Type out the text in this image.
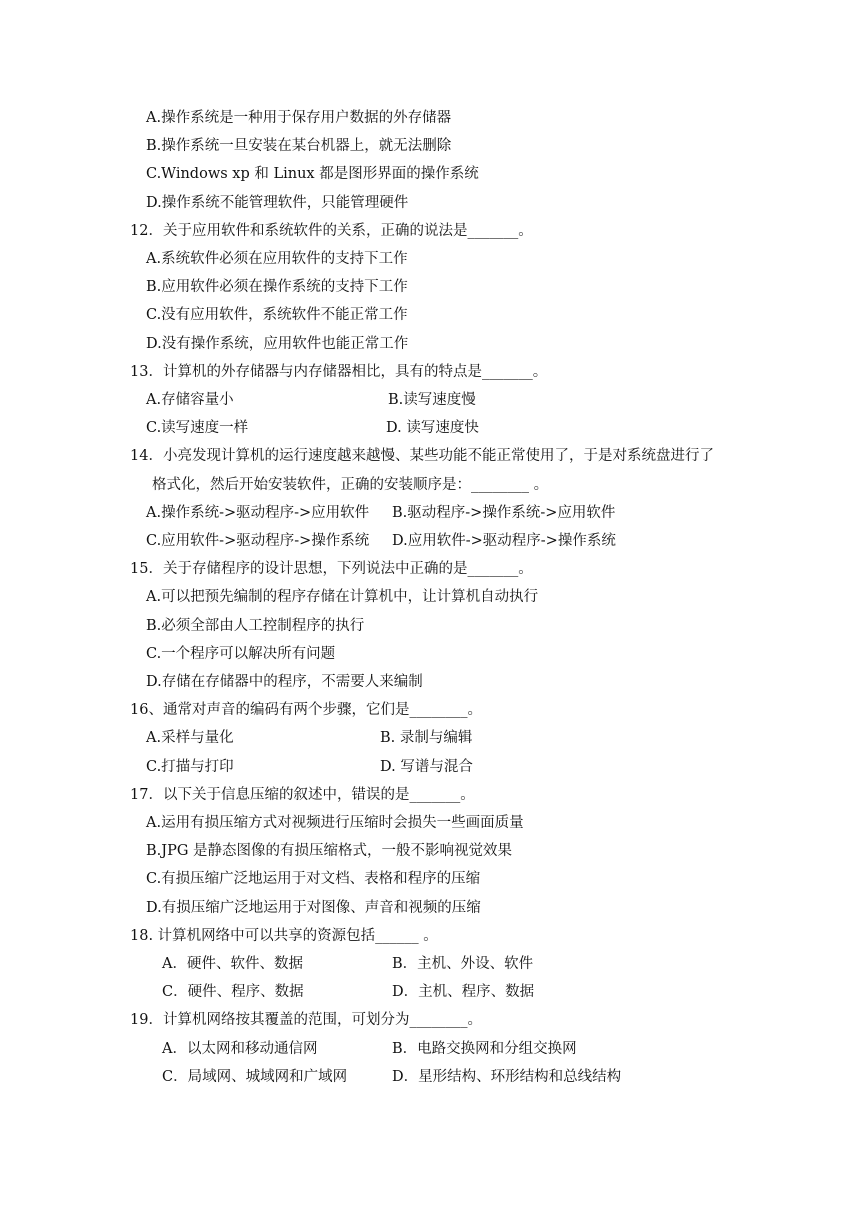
A.操作系统是一种用于保存用户数据的外存储器
B.操作系统一旦安装在某台机器上，就无法删除
C.Windows xp 和 Linux 都是图形界面的操作系统
D.操作系统不能管理软件，只能管理硬件
12．关于应用软件和系统软件的关系，正确的说法是_______。
A.系统软件必须在应用软件的支持下工作
B.应用软件必须在操作系统的支持下工作
C.没有应用软件，系统软件不能正常工作
D.没有操作系统，应用软件也能正常工作
13．计算机的外存储器与内存储器相比，具有的特点是_______。
A.存储容量小	B.读写速度慢
C.读写速度一样	D. 读写速度快
14．小亮发现计算机的运行速度越来越慢、某些功能不能正常使用了，于是对系统盘进行了
格式化，然后开始安装软件，正确的安装顺序是：________ 。
A.操作系统->驱动程序->应用软件 B.驱动程序->操作系统->应用软件
C.应用软件->驱动程序->操作系统 D.应用软件->驱动程序->操作系统
15．关于存储程序的设计思想，下列说法中正确的是_______。
A.可以把预先编制的程序存储在计算机中，让计算机自动执行
B.必须全部由人工控制程序的执行
C.一个程序可以解决所有问题
D.存储在存储器中的程序，不需要人来编制
16、通常对声音的编码有两个步骤，它们是________。
A.采样与量化	B. 录制与编辑
C.打描与打印	D. 写谱与混合
17．以下关于信息压缩的叙述中，错误的是_______。
A.运用有损压缩方式对视频进行压缩时会损失一些画面质量
B.JPG 是静态图像的有损压缩格式，一般不影响视觉效果
C.有损压缩广泛地运用于对文档、表格和程序的压缩
D.有损压缩广泛地运用于对图像、声音和视频的压缩
18. 计算机网络中可以共享的资源包括______ 。
A．硬件、软件、数据	B．主机、外设、软件
C．硬件、程序、数据	D．主机、程序、数据
19．计算机网络按其覆盖的范围，可划分为________。
A．以太网和移动通信网	B．电路交换网和分组交换网
C．局域网、城域网和广域网	D．星形结构、环形结构和总线结构
